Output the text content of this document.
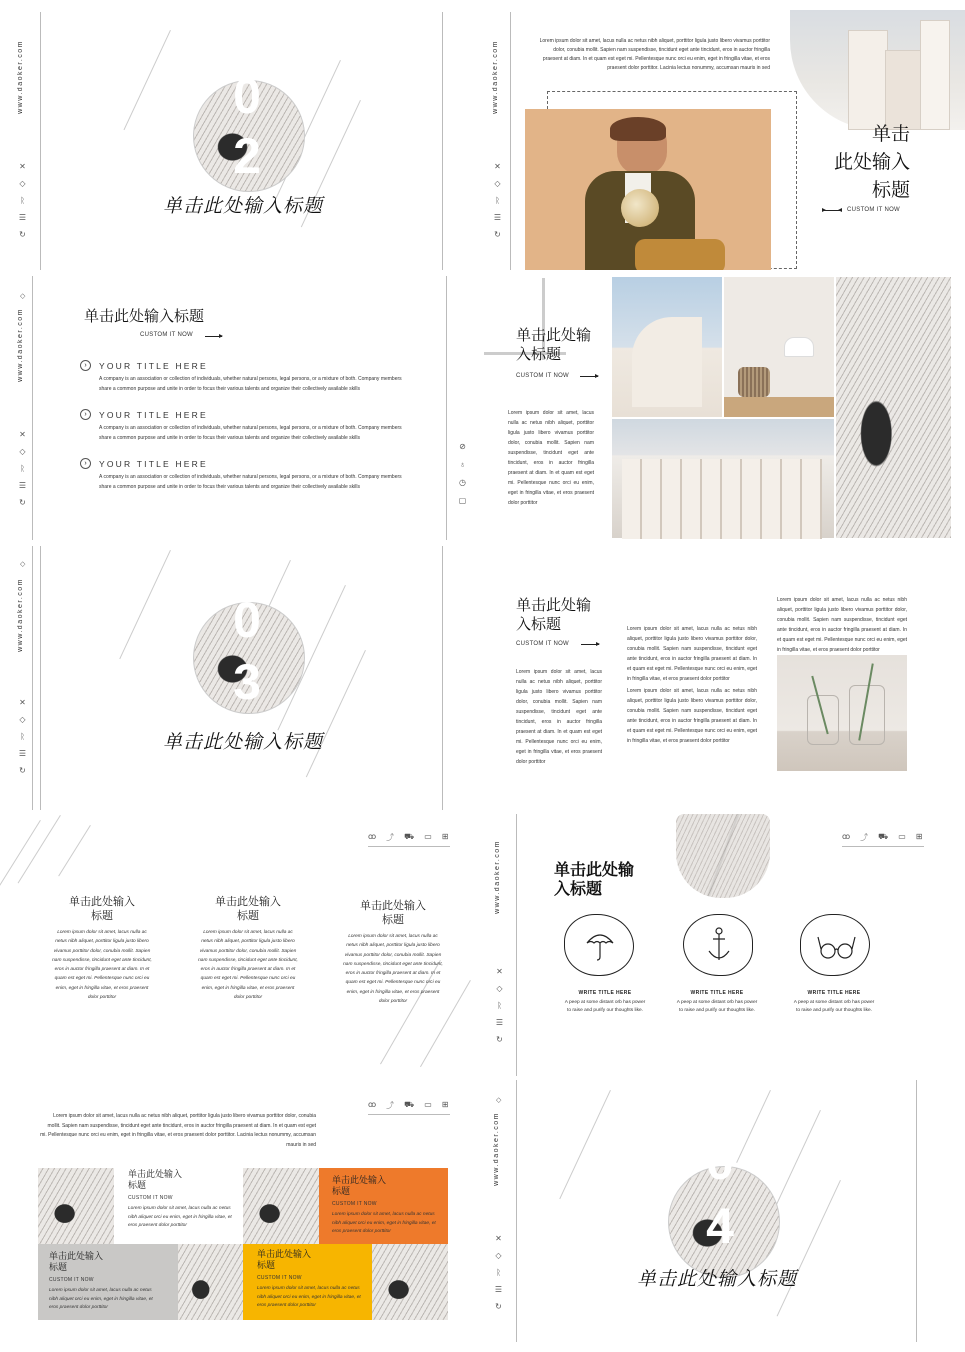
www.daoker.com
✕
◇
ᚱ
☰
↻
0
2
单击此处输入标题
www.daoker.com
✕
◇
ᚱ
☰
↻
Lorem ipsum dolor sit amet, lacus nulla ac netus nibh aliquet, porttitor ligula justo libero vivamus porttitor dolor, conubia mollit. Sapien nam suspendisse, tincidunt eget ante tincidunt, eros in auctor fringilla praesent at diam. In et quam est eget mi. Pellentesque nunc orci eu enim, eget in fringilla vitae, et eros praesent dolor porttitor. Lacinia lectus nonummy, accumsan mauris in sed
单击
此处输入
标题
CUSTOM IT NOW
◇
www.daoker.com
✕
◇
ᚱ
☰
↻
单击此处输入标题
CUSTOM IT NOW
›	YOUR TITLE HERE
A company is an association or collection of individuals, whether natural persons, legal persons, or a mixture of both. Company members share a common purpose and unite in order to focus their various talents and organize their collectively available skills
›	YOUR TITLE HERE
A company is an association or collection of individuals, whether natural persons, legal persons, or a mixture of both. Company members share a common purpose and unite in order to focus their various talents and organize their collectively available skills
›	YOUR TITLE HERE
A company is an association or collection of individuals, whether natural persons, legal persons, or a mixture of both. Company members share a common purpose and unite in order to focus their various talents and organize their collectively available skills
单击此处输
入标题
CUSTOM IT NOW
Lorem ipsum dolor sit amet, lacus nulla ac netus nibh aliquet, porttitor ligula justo libero vivamus porttitor dolor, conubia mollit. Sapien nam suspendisse, tincidunt eget ante tincidunt, eros in auctor fringilla praesent at diam. In et quam est eget mi. Pellentesque nunc orci eu enim, eget in fringilla vitae, et eros praesent dolor porttitor
⊘
♁
◷
▢
◇
www.daoker.com
✕
◇
ᚱ
☰
↻
0
3
单击此处输入标题
单击此处输
入标题
CUSTOM IT NOW
Lorem ipsum dolor sit amet, lacus nulla ac netus nibh aliquet, porttitor ligula justo libero vivamus porttitor dolor, conubia mollit. Sapien nam suspendisse, tincidunt eget ante tincidunt, eros in auctor fringilla praesent at diam. In et quam est eget mi. Pellentesque nunc orci eu enim, eget in fringilla vitae, et eros praesent dolor porttitor
Lorem ipsum dolor sit amet, lacus nulla ac netus nibh aliquet, porttitor ligula justo libero vivamus porttitor dolor, conubia mollit. Sapien nam suspendisse, tincidunt eget ante tincidunt, eros in auctor fringilla praesent at diam. In et quam est eget mi. Pellentesque nunc orci eu enim, eget in fringilla vitae, et eros praesent dolor porttitor
Lorem ipsum dolor sit amet, lacus nulla ac netus nibh aliquet, porttitor ligula justo libero vivamus porttitor dolor, conubia mollit. Sapien nam suspendisse, tincidunt eget ante tincidunt, eros in auctor fringilla praesent at diam. In et quam est eget mi. Pellentesque nunc orci eu enim, eget in fringilla vitae, et eros praesent dolor porttitor
Lorem ipsum dolor sit amet, lacus nulla ac netus nibh aliquet, porttitor ligula justo libero vivamus porttitor dolor, conubia mollit. Sapien nam suspendisse, tincidunt eget ante tincidunt, eros in auctor fringilla praesent at diam. In et quam est eget mi. Pellentesque nunc orci eu enim, eget in fringilla vitae, et eros praesent dolor porttitor
ꝏ ⤴ ⛟ ▭ ⊞
单击此处输入
标题
Lorem ipsum dolor sit amet, lacus nulla ac netus nibh aliquet, porttitor ligula justo libero vivamus porttitor dolor, conubia mollit. Sapien nam suspendisse, tincidunt eget ante tincidunt, eros in auctor fringilla praesent at diam. In et quam est eget mi. Pellentesque nunc orci eu enim, eget in fringilla vitae, et eros praesent dolor porttitor
单击此处输入
标题
Lorem ipsum dolor sit amet, lacus nulla ac netus nibh aliquet, porttitor ligula justo libero vivamus porttitor dolor, conubia mollit. Sapien nam suspendisse, tincidunt eget ante tincidunt, eros in auctor fringilla praesent at diam. In et quam est eget mi. Pellentesque nunc orci eu enim, eget in fringilla vitae, et eros praesent dolor porttitor
单击此处输入
标题
Lorem ipsum dolor sit amet, lacus nulla ac netus nibh aliquet, porttitor ligula justo libero vivamus porttitor dolor, conubia mollit. Sapien nam suspendisse, tincidunt eget ante tincidunt, eros in auctor fringilla praesent at diam. In et quam est eget mi. Pellentesque nunc orci eu enim, eget in fringilla vitae, et eros praesent dolor porttitor
www.daoker.com
✕
◇
ᚱ
☰
↻
ꝏ ⤴ ⛟ ▭ ⊞
单击此处输
入标题
WRITE TITLE HERE
A peep at some distant orb has power to raise and purify our thoughts like.
WRITE TITLE HERE
A peep at some distant orb has power to raise and purify our thoughts like.
WRITE TITLE HERE
A peep at some distant orb has power to raise and purify our thoughts like.
ꝏ ⤴ ⛟ ▭ ⊞
Lorem ipsum dolor sit amet, lacus nulla ac netus nibh aliquet, porttitor ligula justo libero vivamus porttitor dolor, conubia mollit. Sapien nam suspendisse, tincidunt eget ante tincidunt, eros in auctor fringilla praesent at diam. In et quam est eget mi. Pellentesque nunc orci eu enim, eget in fringilla vitae, et eros praesent dolor porttitor. Lacinia lectus nonummy, accumsan mauris in sed
单击此处输入
标题
CUSTOM IT NOW
Lorem ipsum dolor sit amet, lacus nulla ac netus nibh aliquet orci eu enim, eget in fringilla vitae, et eros praesent dolor porttitor
单击此处输入
标题
CUSTOM IT NOW
Lorem ipsum dolor sit amet, lacus nulla ac netus nibh aliquet orci eu enim, eget in fringilla vitae, et eros praesent dolor porttitor
单击此处输入
标题
CUSTOM IT NOW
Lorem ipsum dolor sit amet, lacus nulla ac netus nibh aliquet orci eu enim, eget in fringilla vitae, et eros praesent dolor porttitor
单击此处输入
标题
CUSTOM IT NOW
Lorem ipsum dolor sit amet, lacus nulla ac netus nibh aliquet orci eu enim, eget in fringilla vitae, et eros praesent dolor porttitor
◇
www.daoker.com
✕
◇
ᚱ
☰
↻
0
4
单击此处输入标题
